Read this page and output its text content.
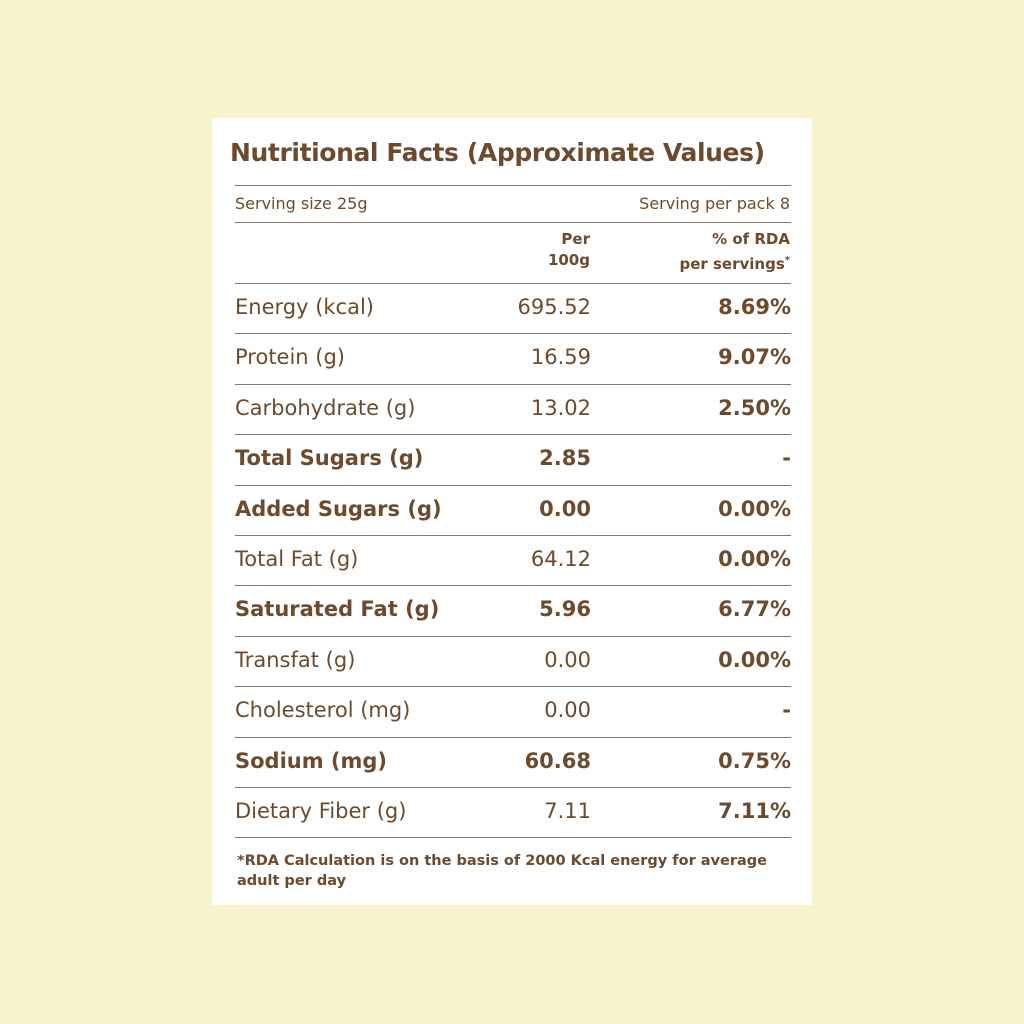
Nutritional Facts (Approximate Values)
Serving size 25g	Serving per pack 8
Per
100g
% of RDA
per servings*
*RDA Calculation is on the basis of 2000 Kcal energy for average adult per day
Energy (kcal)	695.52	8.69%
Protein (g)	16.59	9.07%
Carbohydrate (g)	13.02	2.50%
Total Sugars (g)	2.85	-
Added Sugars (g)	0.00	0.00%
Total Fat (g)	64.12	0.00%
Saturated Fat (g)	5.96	6.77%
Transfat (g)	0.00	0.00%
Cholesterol (mg)	0.00	-
Sodium (mg)	60.68	0.75%
Dietary Fiber (g)	7.11	7.11%
